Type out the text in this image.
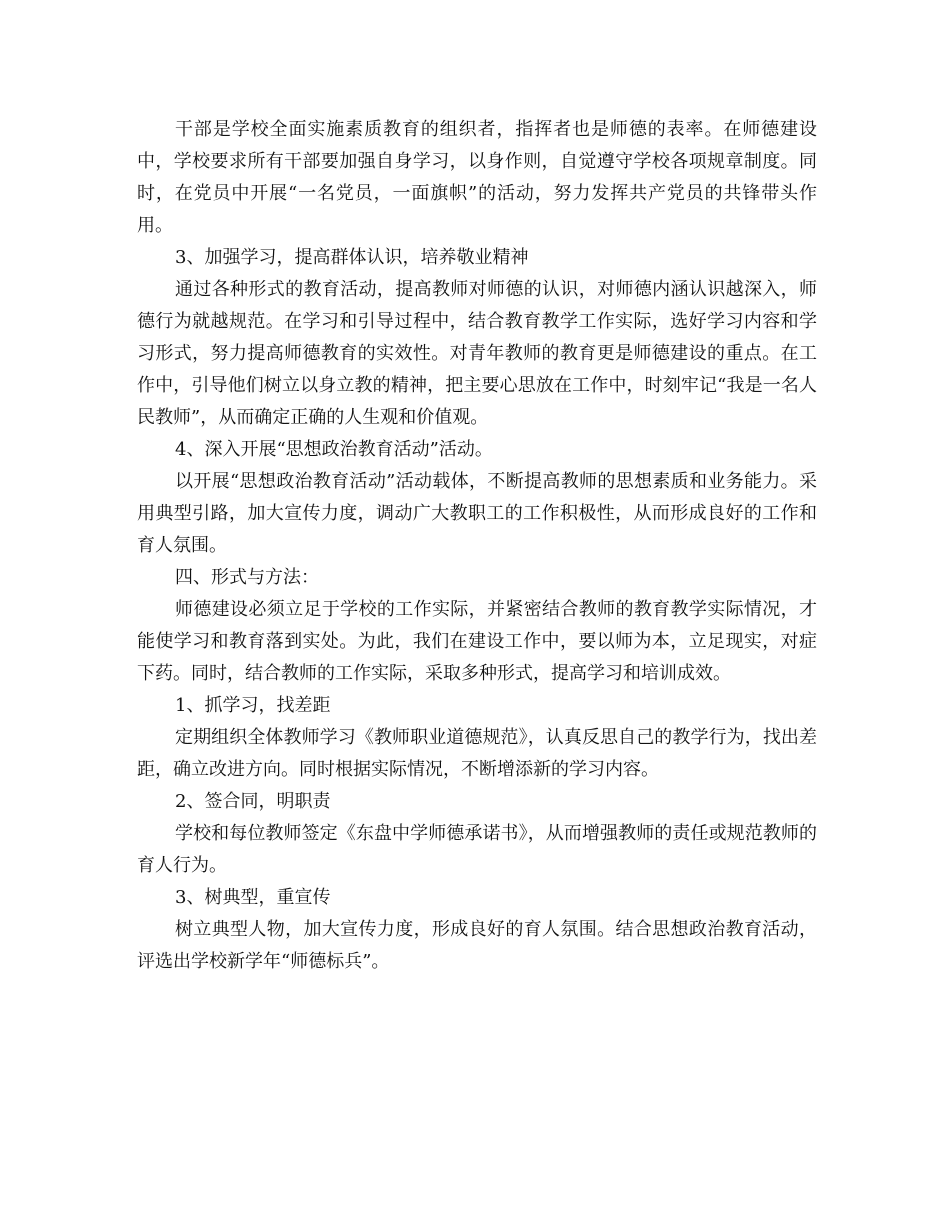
干部是学校全面实施素质教育的组织者，指挥者也是师德的表率。在师德建设中，学校要求所有干部要加强自身学习，以身作则，自觉遵守学校各项规章制度。同时，在党员中开展“一名党员，一面旗帜”的活动，努力发挥共产党员的共锋带头作用。

3、加强学习，提高群体认识，培养敬业精神

通过各种形式的教育活动，提高教师对师德的认识，对师德内涵认识越深入，师德行为就越规范。在学习和引导过程中，结合教育教学工作实际，选好学习内容和学习形式，努力提高师德教育的实效性。对青年教师的教育更是师德建设的重点。在工作中，引导他们树立以身立教的精神，把主要心思放在工作中，时刻牢记“我是一名人民教师”，从而确定正确的人生观和价值观。

4、深入开展“思想政治教育活动”活动。

以开展“思想政治教育活动”活动载体，不断提高教师的思想素质和业务能力。采用典型引路，加大宣传力度，调动广大教职工的工作积极性，从而形成良好的工作和育人氛围。

四、形式与方法：

师德建设必须立足于学校的工作实际，并紧密结合教师的教育教学实际情况，才能使学习和教育落到实处。为此，我们在建设工作中，要以师为本，立足现实，对症下药。同时，结合教师的工作实际，采取多种形式，提高学习和培训成效。

1、抓学习，找差距

定期组织全体教师学习《教师职业道德规范》，认真反思自己的教学行为，找出差距，确立改进方向。同时根据实际情况，不断增添新的学习内容。

2、签合同，明职责

学校和每位教师签定《东盘中学师德承诺书》，从而增强教师的责任或规范教师的育人行为。

3、树典型，重宣传

树立典型人物，加大宣传力度，形成良好的育人氛围。结合思想政治教育活动，评选出学校新学年“师德标兵”。
